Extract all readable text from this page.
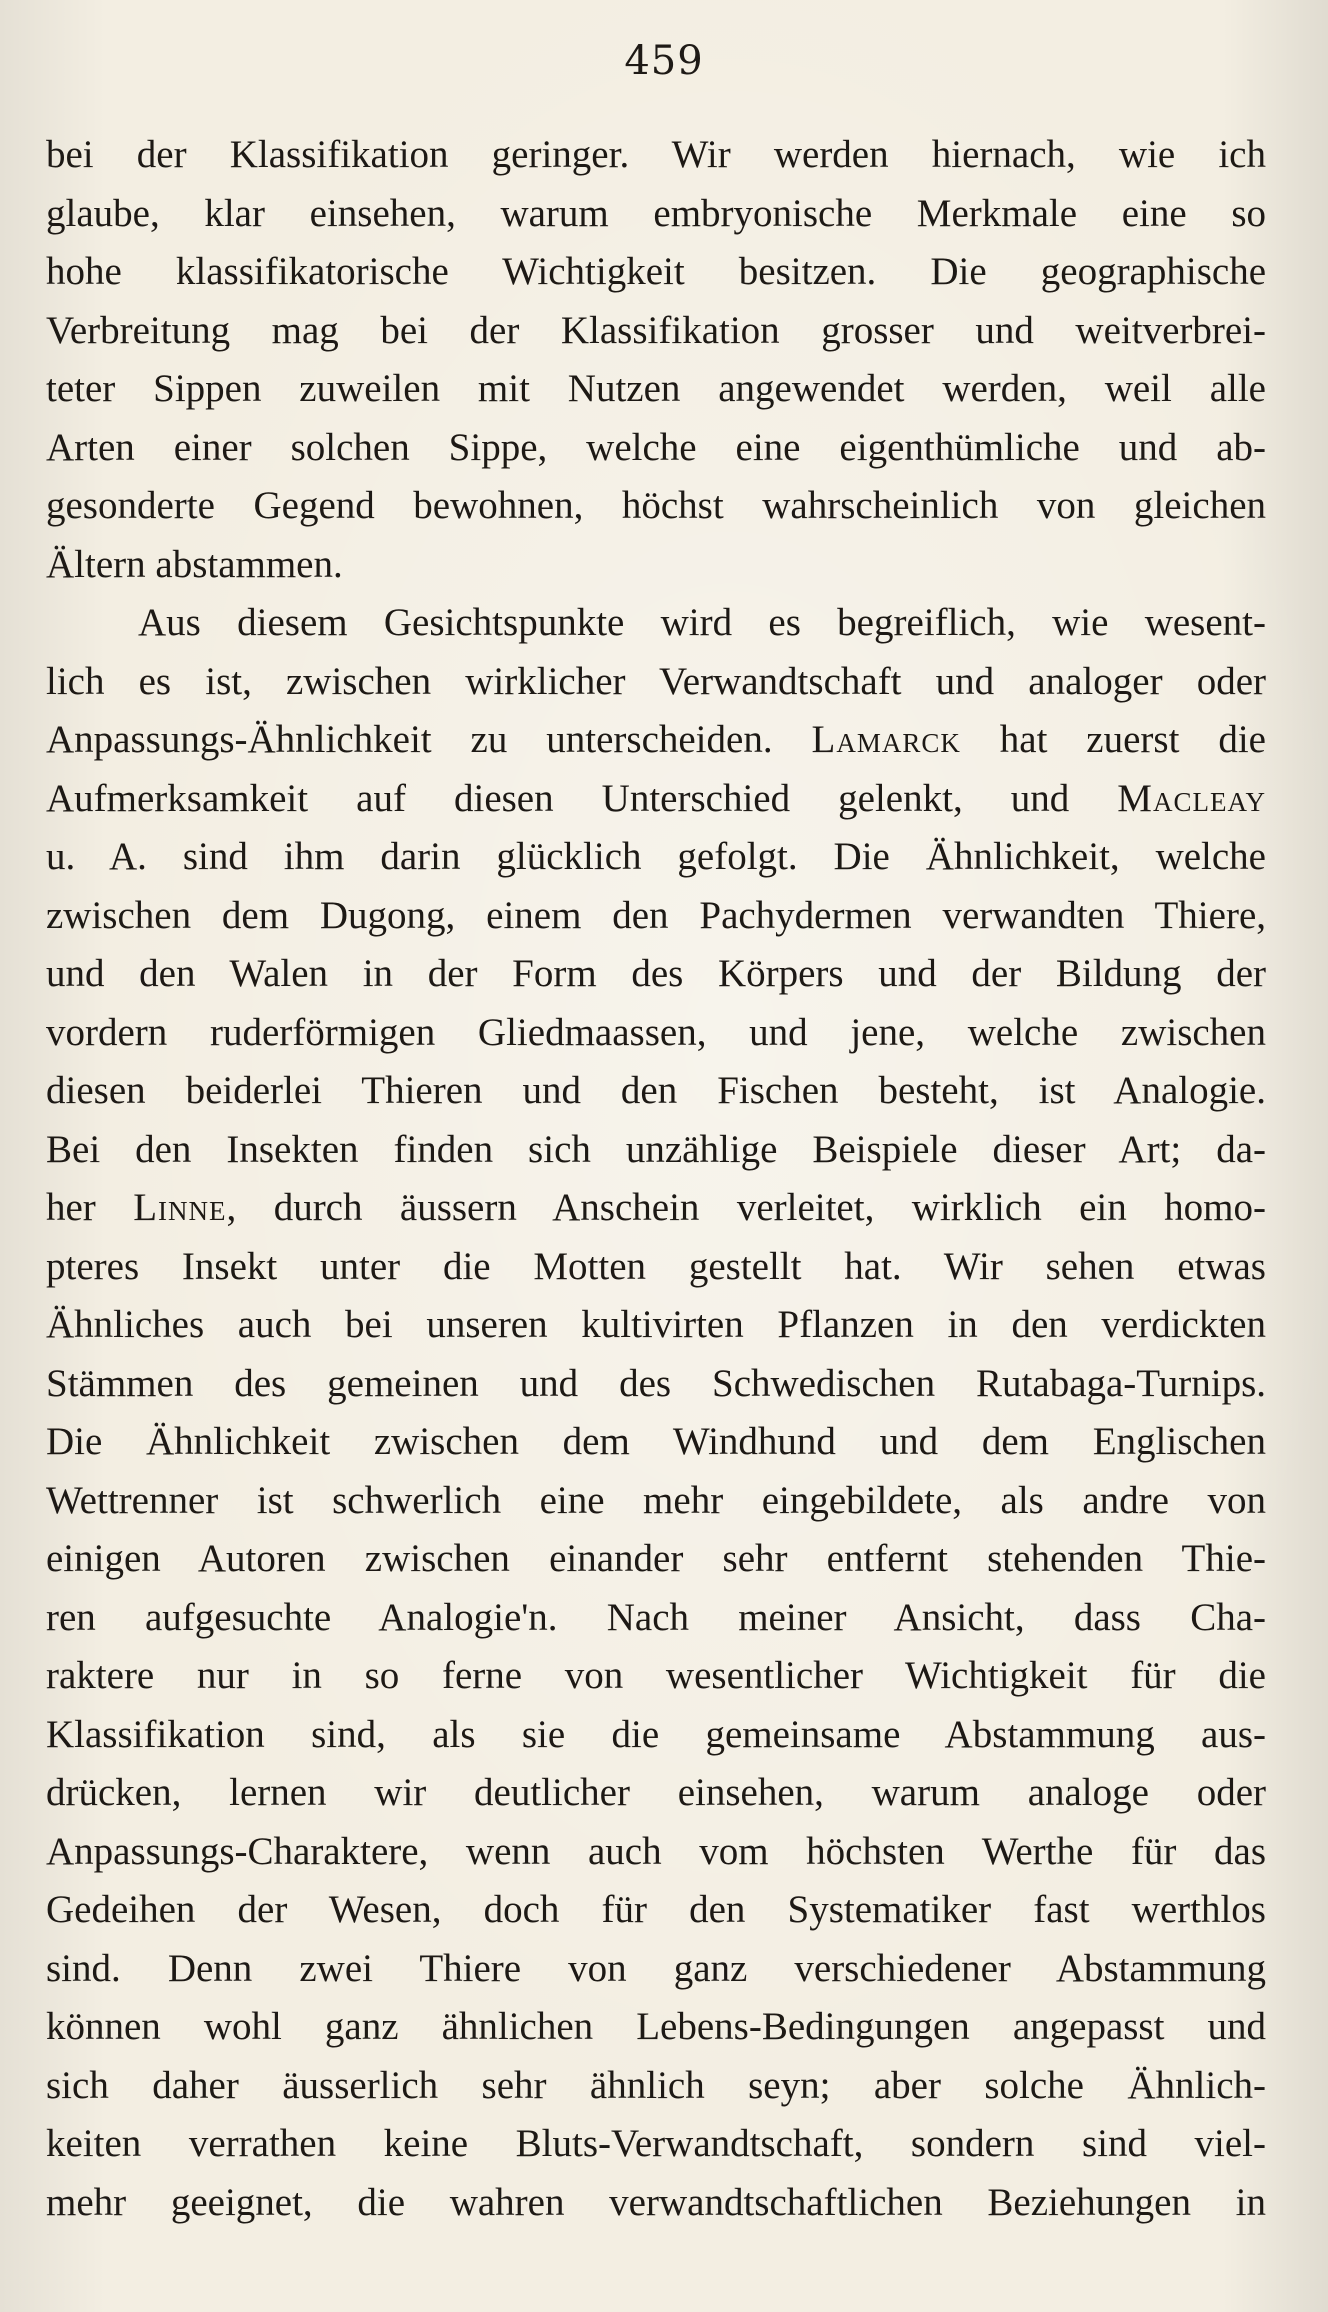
459
bei der Klassifikation geringer. Wir werden hiernach, wie ich
glaube, klar einsehen, warum embryonische Merkmale eine so
hohe klassifikatorische Wichtigkeit besitzen. Die geographische
Verbreitung mag bei der Klassifikation grosser und weitverbrei-
teter Sippen zuweilen mit Nutzen angewendet werden, weil alle
Arten einer solchen Sippe, welche eine eigenthümliche und ab-
gesonderte Gegend bewohnen, höchst wahrscheinlich von gleichen
Ältern abstammen.
Aus diesem Gesichtspunkte wird es begreiflich, wie wesent-
lich es ist, zwischen wirklicher Verwandtschaft und analoger oder
Anpassungs-Ähnlichkeit zu unterscheiden. Lamarck hat zuerst die
Aufmerksamkeit auf diesen Unterschied gelenkt, und Macleay
u. A. sind ihm darin glücklich gefolgt. Die Ähnlichkeit, welche
zwischen dem Dugong, einem den Pachydermen verwandten Thiere,
und den Walen in der Form des Körpers und der Bildung der
vordern ruderförmigen Gliedmaassen, und jene, welche zwischen
diesen beiderlei Thieren und den Fischen besteht, ist Analogie.
Bei den Insekten finden sich unzählige Beispiele dieser Art; da-
her Linne, durch äussern Anschein verleitet, wirklich ein homo-
pteres Insekt unter die Motten gestellt hat. Wir sehen etwas
Ähnliches auch bei unseren kultivirten Pflanzen in den verdickten
Stämmen des gemeinen und des Schwedischen Rutabaga-Turnips.
Die Ähnlichkeit zwischen dem Windhund und dem Englischen
Wettrenner ist schwerlich eine mehr eingebildete, als andre von
einigen Autoren zwischen einander sehr entfernt stehenden Thie-
ren aufgesuchte Analogie'n. Nach meiner Ansicht, dass Cha-
raktere nur in so ferne von wesentlicher Wichtigkeit für die
Klassifikation sind, als sie die gemeinsame Abstammung aus-
drücken, lernen wir deutlicher einsehen, warum analoge oder
Anpassungs-Charaktere, wenn auch vom höchsten Werthe für das
Gedeihen der Wesen, doch für den Systematiker fast werthlos
sind. Denn zwei Thiere von ganz verschiedener Abstammung
können wohl ganz ähnlichen Lebens-Bedingungen angepasst und
sich daher äusserlich sehr ähnlich seyn; aber solche Ähnlich-
keiten verrathen keine Bluts-Verwandtschaft, sondern sind viel-
mehr geeignet, die wahren verwandtschaftlichen Beziehungen in
